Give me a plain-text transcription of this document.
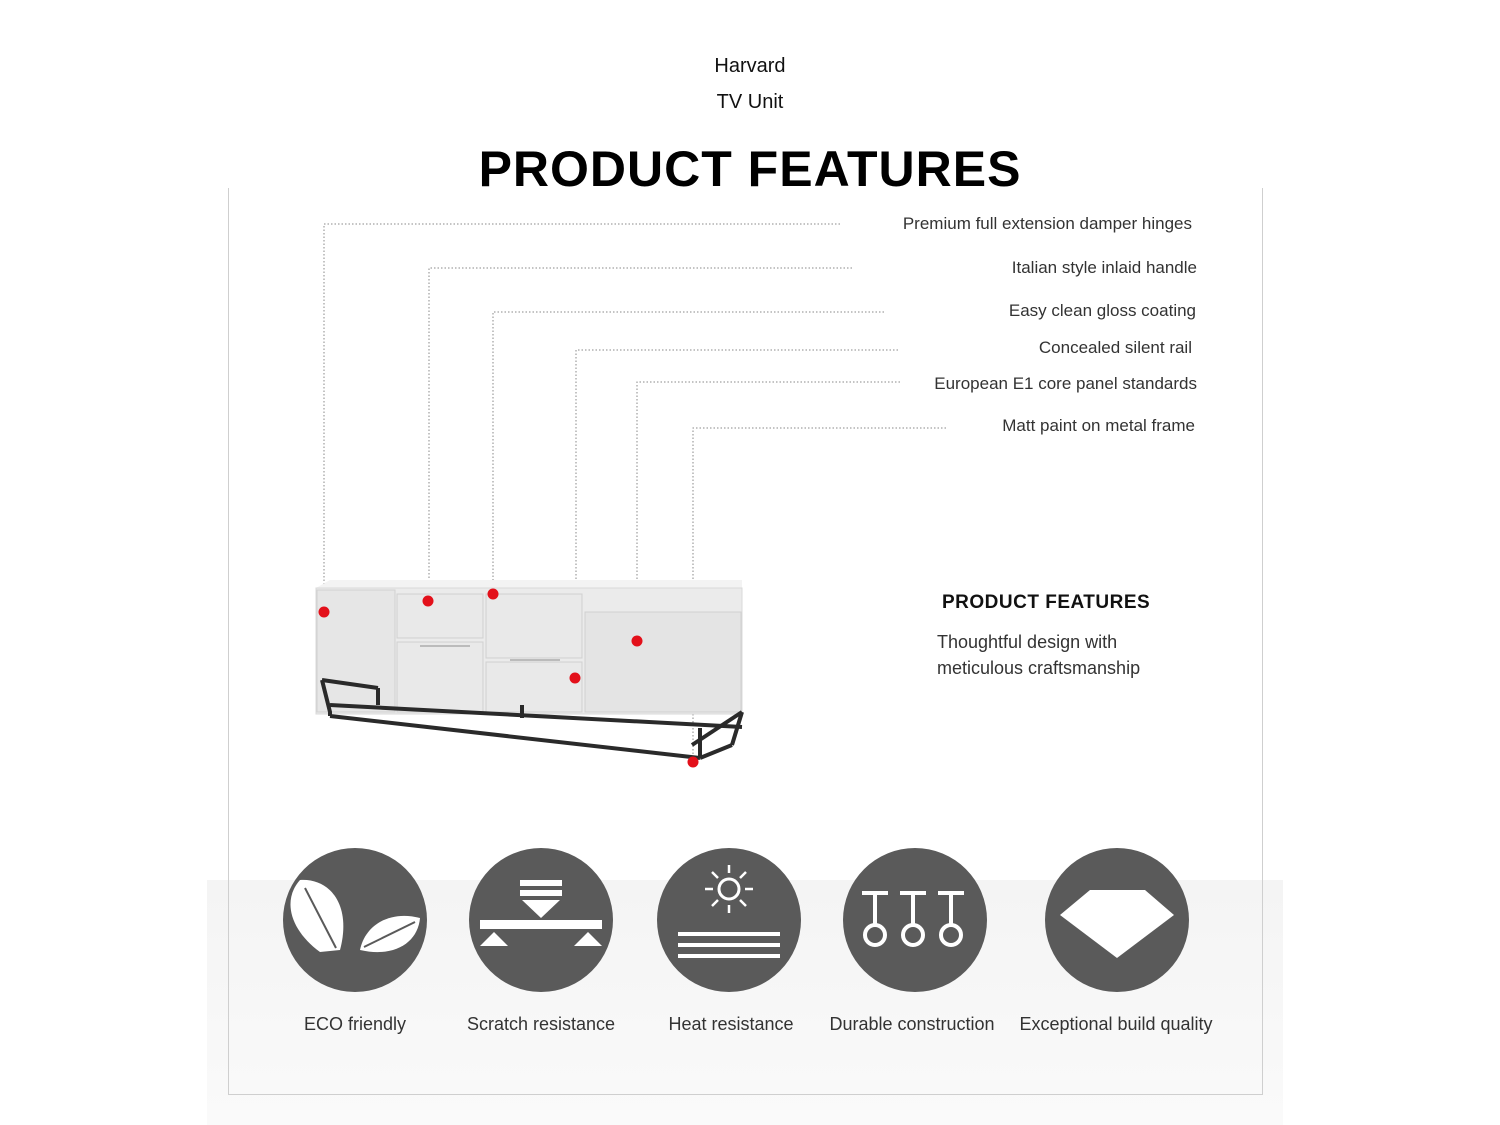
Harvard
TV Unit
PRODUCT FEATURES
Premium full extension damper hinges
Italian style inlaid handle
Easy clean gloss coating
Concealed silent rail
European E1 core panel standards
Matt paint on metal frame
PRODUCT FEATURES
Thoughtful design with
meticulous craftsmanship
ECO friendly	Scratch resistance	Heat resistance	Durable construction	Exceptional build quality
